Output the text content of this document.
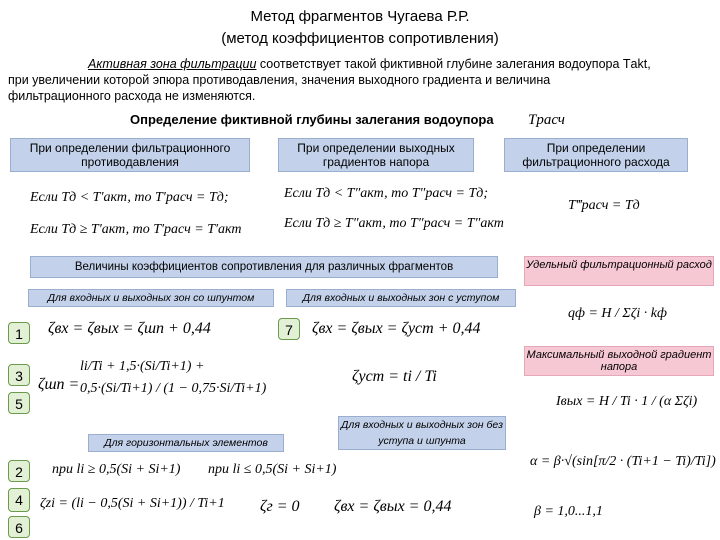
Метод фрагментов Чугаева Р.Р.
(метод коэффициентов сопротивления)
Активная зона фильтрации соответствует такой фиктивной глубине залегания водоупора Тakt,
при увеличении которой эпюра противодавления, значения выходного градиента и величина
фильтрационного расхода не изменяются.
Определение фиктивной глубины залегания водоупора Tрасч
При определении фильтрационного противодавления
При определении выходных градиентов напора
При определении фильтрационного расхода
Если Tд < T′акт, то T′расч = Tд;
Если Tд ≥ T′акт, то T′расч = T′акт
Если Tд < T″акт, то T″расч = Tд;
Если Tд ≥ T″акт, то T″расч = T″акт
T‴расч = Tд
Величины коэффициентов сопротивления для различных фрагментов	Удельный фильтрационный расход
Максимальный выходной градиент напора
Для входных и выходных зон со шпунтом	Для входных и выходных зон с уступом
Для горизонтальных элементов
Для входных и выходных зон без уступа и шпунта
1	7
3
5
2
4
6
ζвх = ζвых = ζшп + 0,44	ζвх = ζвых = ζуст + 0,44
ζшп =
li/Ti + 1,5·(Si/Ti+1) + 0,5·(Si/Ti+1) / (1 − 0,75·Si/Ti+1)
ζуст = ti / Ti
при li ≥ 0,5(Si + Si+1) при li ≤ 0,5(Si + Si+1)
ζzi = (li − 0,5(Si + Si+1)) / Ti+1 ζг = 0 ζвх = ζвых = 0,44
qф = H / Σζi · kф
Iвых = H / Ti · 1 / (α Σζi)
α = β·√(sin[π/2 · (Ti+1 − Ti)/Ti])
β = 1,0...1,1
